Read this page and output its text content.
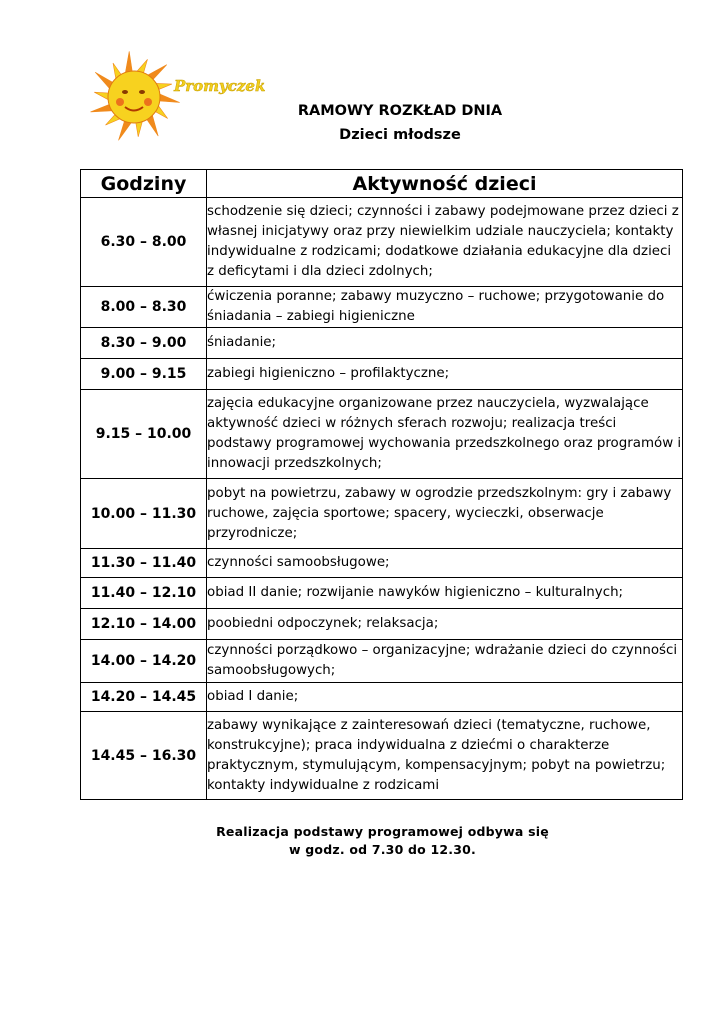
Promyczek
RAMOWY ROZKŁAD DNIA
Dzieci młodsze
Godziny	Aktywność dzieci
6.30 – 8.00	schodzenie się dzieci; czynności i zabawy podejmowane przez dzieci z własnej inicjatywy oraz przy niewielkim udziale nauczyciela; kontakty indywidualne z rodzicami; dodatkowe działania edukacyjne dla dzieci z deficytami i dla dzieci zdolnych;
8.00 – 8.30	ćwiczenia poranne; zabawy muzyczno – ruchowe; przygotowanie do śniadania – zabiegi higieniczne
8.30 – 9.00	śniadanie;
9.00 – 9.15	zabiegi higieniczno – profilaktyczne;
9.15 – 10.00	zajęcia edukacyjne organizowane przez nauczyciela, wyzwalające aktywność dzieci w różnych sferach rozwoju; realizacja treści podstawy programowej wychowania przedszkolnego oraz programów i innowacji przedszkolnych;
10.00 – 11.30	pobyt na powietrzu, zabawy w ogrodzie przedszkolnym: gry i zabawy ruchowe, zajęcia sportowe; spacery, wycieczki, obserwacje przyrodnicze;
11.30 – 11.40	czynności samoobsługowe;
11.40 – 12.10	obiad II danie; rozwijanie nawyków higieniczno – kulturalnych;
12.10 – 14.00	poobiedni odpoczynek; relaksacja;
14.00 – 14.20	czynności porządkowo – organizacyjne; wdrażanie dzieci do czynności samoobsługowych;
14.20 – 14.45	obiad I danie;
14.45 – 16.30	zabawy wynikające z zainteresowań dzieci (tematyczne, ruchowe, konstrukcyjne); praca indywidualna z dziećmi o charakterze praktycznym, stymulującym, kompensacyjnym; pobyt na powietrzu; kontakty indywidualne z rodzicami
Realizacja podstawy programowej odbywa się
w godz. od 7.30 do 12.30.
